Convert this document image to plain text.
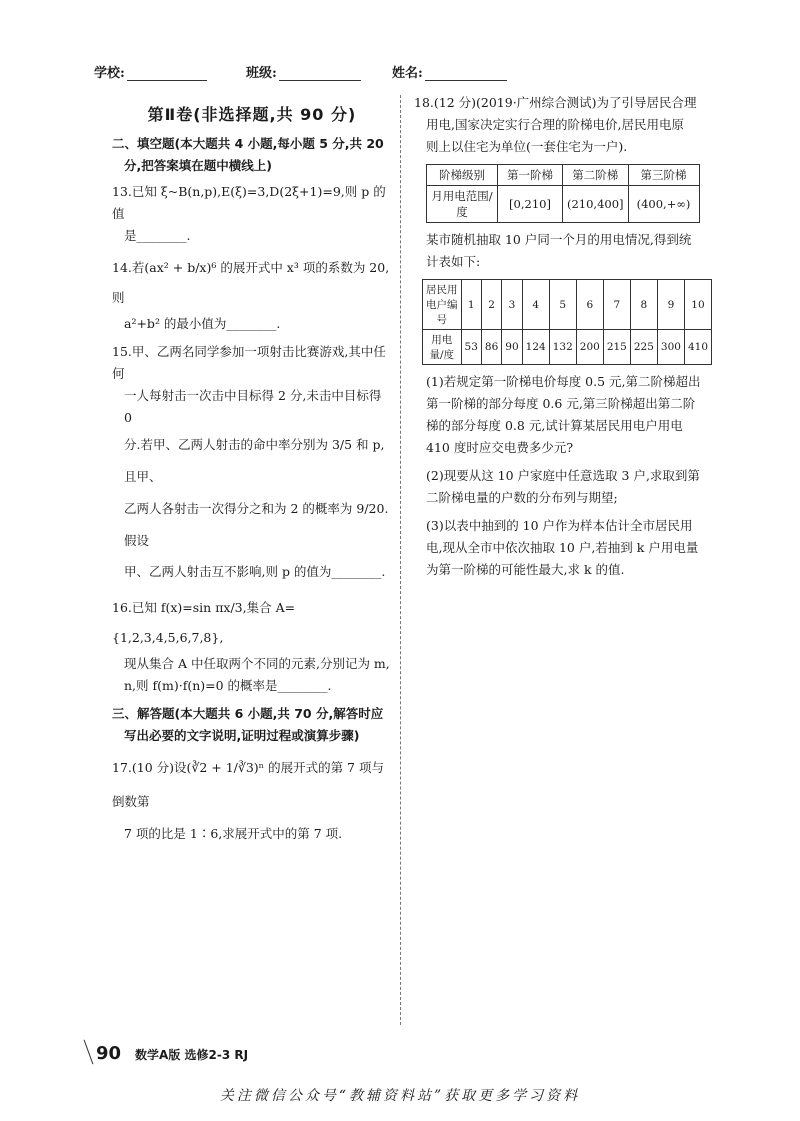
学校:	班级:	姓名:
第Ⅱ卷(非选择题,共 90 分)
二、填空题(本大题共 4 小题,每小题 5 分,共 20
分,把答案填在题中横线上)
13.已知 ξ~B(n,p),E(ξ)=3,D(2ξ+1)=9,则 p 的值
是________.
14.若(ax² + b/x)⁶ 的展开式中 x³ 项的系数为 20,则
a²+b² 的最小值为________.
15.甲、乙两名同学参加一项射击比赛游戏,其中任何
一人每射击一次击中目标得 2 分,未击中目标得 0
分.若甲、乙两人射击的命中率分别为 3/5 和 p,且甲、
乙两人各射击一次得分之和为 2 的概率为 9/20.假设
甲、乙两人射击互不影响,则 p 的值为________.
16.已知 f(x)=sin πx/3,集合 A={1,2,3,4,5,6,7,8},
现从集合 A 中任取两个不同的元素,分别记为 m,
n,则 f(m)·f(n)=0 的概率是________.
三、解答题(本大题共 6 小题,共 70 分,解答时应
写出必要的文字说明,证明过程或演算步骤)
17.(10 分)设(∛2 + 1/∛3)ⁿ 的展开式的第 7 项与倒数第
7 项的比是 1∶6,求展开式中的第 7 项.
18.(12 分)(2019·广州综合测试)为了引导居民合理
用电,国家决定实行合理的阶梯电价,居民用电原
则上以住宅为单位(一套住宅为一户).
阶梯级别	第一阶梯	第二阶梯	第三阶梯
月用电范围/度	[0,210]	(210,400]	(400,+∞)
某市随机抽取 10 户同一个月的用电情况,得到统
计表如下:
居民用电户编号	1	2	3	4	5	6	7	8	9	10
用电量/度	53	86	90	124	132	200	215	225	300	410
(1)若规定第一阶梯电价每度 0.5 元,第二阶梯超出
第一阶梯的部分每度 0.6 元,第三阶梯超出第二阶
梯的部分每度 0.8 元,试计算某居民用电户用电
410 度时应交电费多少元?
(2)现要从这 10 户家庭中任意选取 3 户,求取到第
二阶梯电量的户数的分布列与期望;
(3)以表中抽到的 10 户作为样本估计全市居民用
电,现从全市中依次抽取 10 户,若抽到 k 户用电量
为第一阶梯的可能性最大,求 k 的值.
90 数学A版 选修2-3 RJ
关注微信公众号“教辅资料站”获取更多学习资料
